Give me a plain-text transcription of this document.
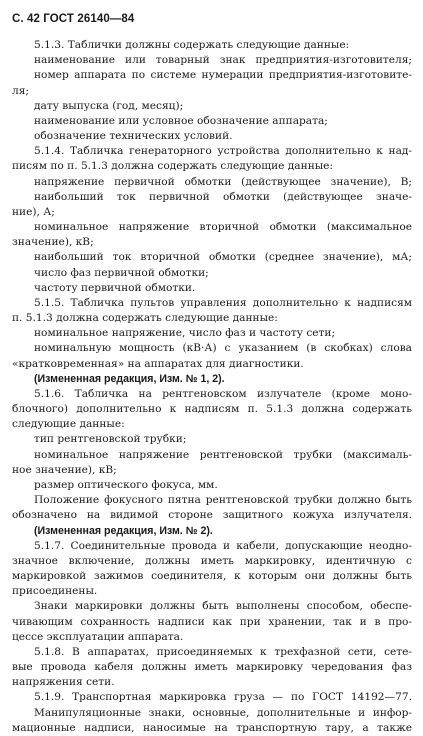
С. 42 ГОСТ 26140—84
5.1.3. Таблички должны содержать следующие данные:
наименование или товарный знак предприятия-изготовителя;
номер аппарата по системе нумерации предприятия-изготовите-
ля;
дату выпуска (год, месяц);
наименование или условное обозначение аппарата;
обозначение технических условий.
5.1.4. Табличка генераторного устройства дополнительно к над-
писям по п. 5.1.3 должна содержать следующие данные:
напряжение первичной обмотки (действующее значение), В;
наибольший ток первичной обмотки (действующее значе-
ние), А;
номинальное напряжение вторичной обмотки (максимальное
значение), кВ;
наибольший ток вторичной обмотки (среднее значение), мА;
число фаз первичной обмотки;
частоту первичной обмотки.
5.1.5. Табличка пультов управления дополнительно к надписям
п. 5.1.3 должна содержать следующие данные:
номинальное напряжение, число фаз и частоту сети;
номинальную мощность (кВ·А) с указанием (в скобках) слова
«кратковременная» на аппаратах для диагностики.
(Измененная редакция, Изм. № 1, 2).
5.1.6. Табличка на рентгеновском излучателе (кроме моно-
блочного) дополнительно к надписям п. 5.1.3 должна содержать
следующие данные:
тип рентгеновской трубки;
номинальное напряжение рентгеновской трубки (максималь-
ное значение), кВ;
размер оптического фокуса, мм.
Положение фокусного пятна рентгеновской трубки должно быть
обозначено на видимой стороне защитного кожуха излучателя.
(Измененная редакция, Изм. № 2).
5.1.7. Соединительные провода и кабели, допускающие неодно-
значное включение, должны иметь маркировку, идентичную с
маркировкой зажимов соединителя, к которым они должны быть
присоединены.
Знаки маркировки должны быть выполнены способом, обеспе-
чивающим сохранность надписи как при хранении, так и в про-
цессе эксплуатации аппарата.
5.1.8. В аппаратах, присоединяемых к трехфазной сети, сете-
вые провода кабеля должны иметь маркировку чередования фаз
напряжения сети.
5.1.9. Транспортная маркировка груза — по ГОСТ 14192—77.
Манипуляционные знаки, основные, дополнительные и инфор-
мационные надписи, наносимые на транспортную тару, а также
